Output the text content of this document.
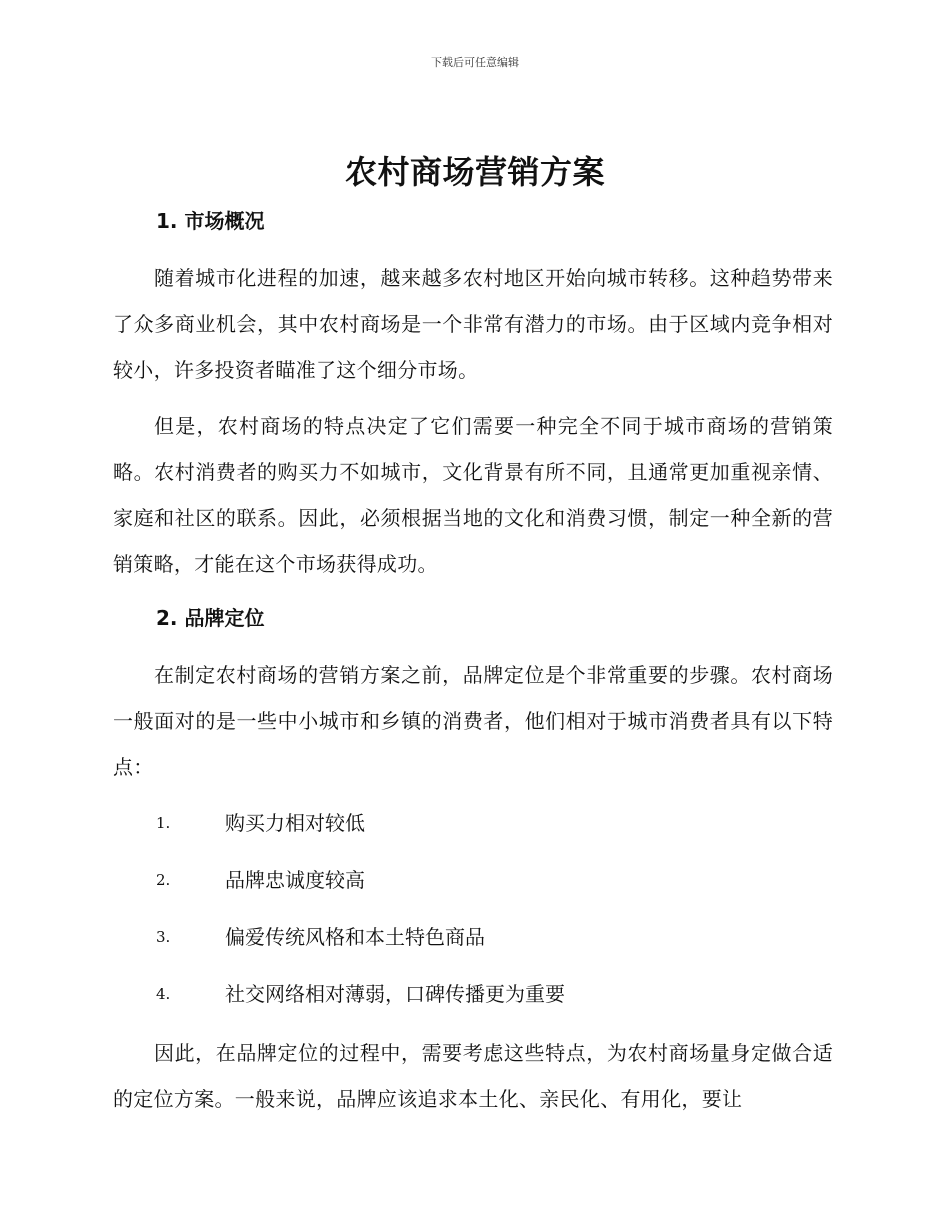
下载后可任意编辑
农村商场营销方案
1. 市场概况

随着城市化进程的加速，越来越多农村地区开始向城市转移。这种趋势带来了众多商业机会，其中农村商场是一个非常有潜力的市场。由于区域内竞争相对较小，许多投资者瞄准了这个细分市场。

但是，农村商场的特点决定了它们需要一种完全不同于城市商场的营销策略。农村消费者的购买力不如城市，文化背景有所不同，且通常更加重视亲情、家庭和社区的联系。因此，必须根据当地的文化和消费习惯，制定一种全新的营销策略，才能在这个市场获得成功。

2. 品牌定位

在制定农村商场的营销方案之前，品牌定位是个非常重要的步骤。农村商场一般面对的是一些中小城市和乡镇的消费者，他们相对于城市消费者具有以下特点：

1.	购买力相对较低
2.	品牌忠诚度较高
3.	偏爱传统风格和本土特色商品
4.	社交网络相对薄弱，口碑传播更为重要

因此，在品牌定位的过程中，需要考虑这些特点，为农村商场量身定做合适的定位方案。一般来说，品牌应该追求本土化、亲民化、有用化，要让
